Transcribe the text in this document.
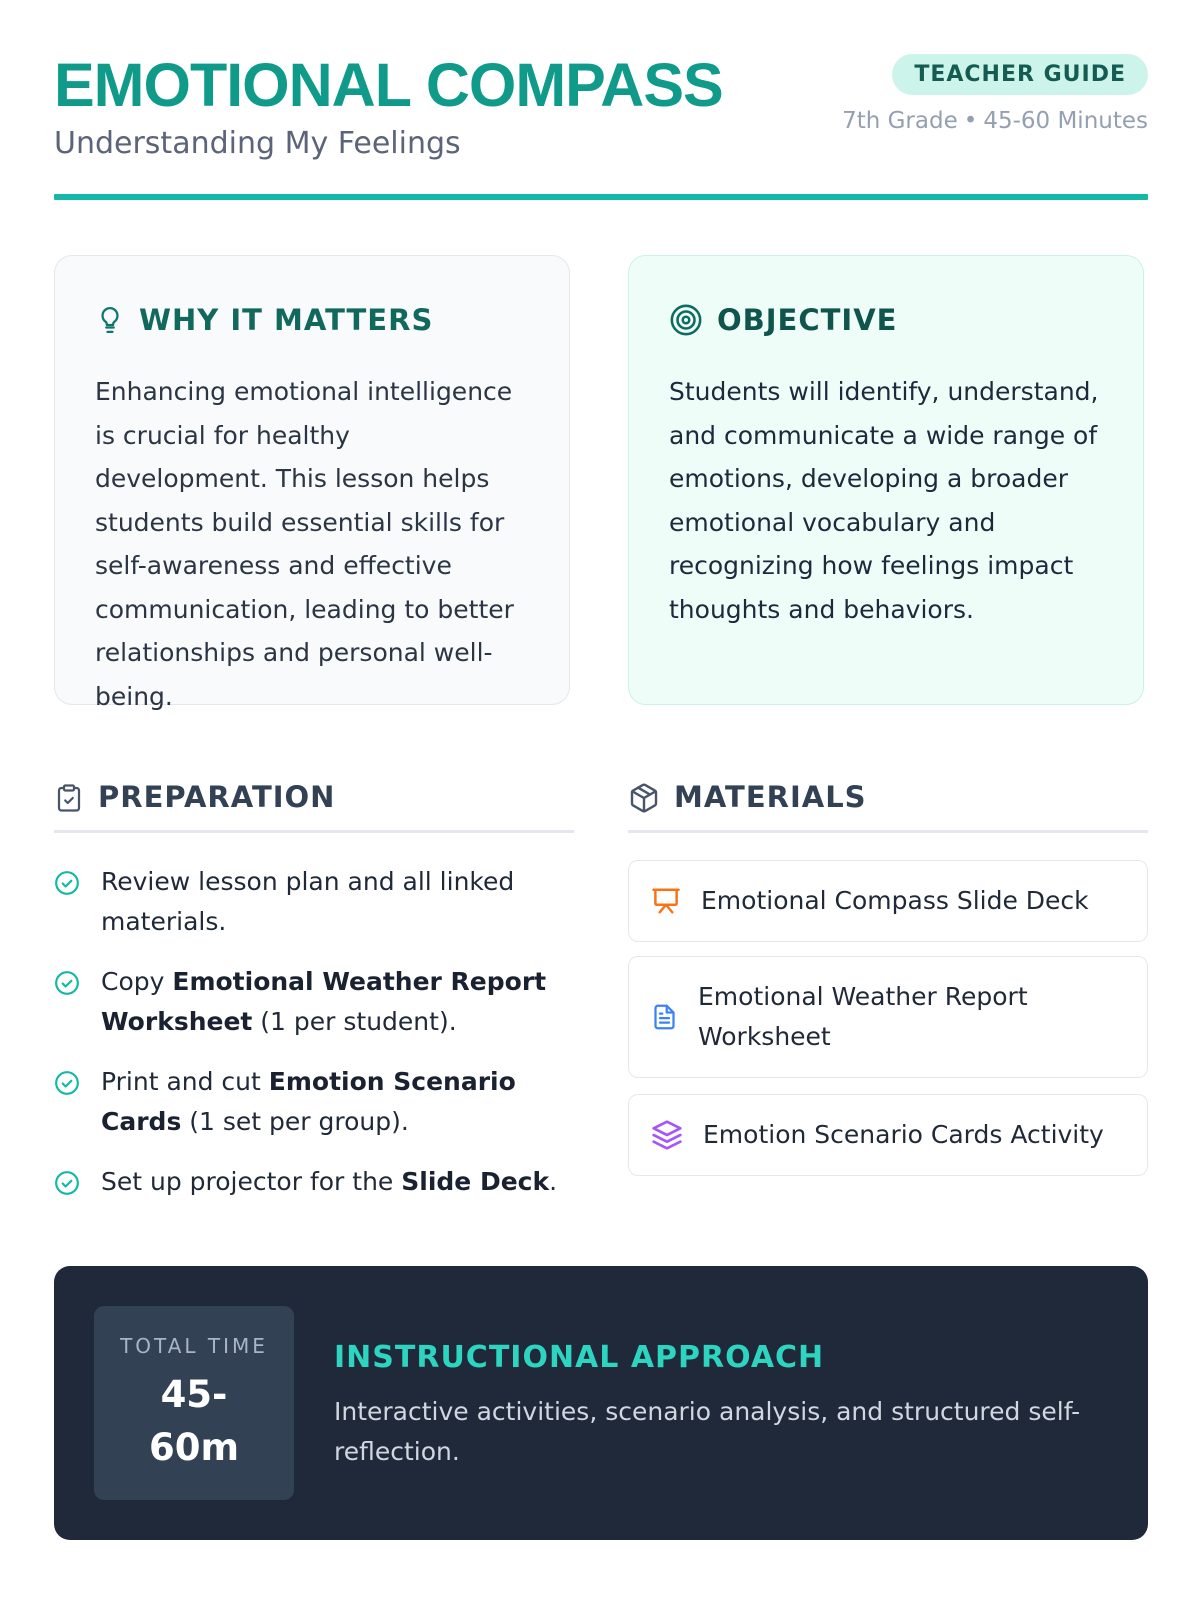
EMOTIONAL COMPASS
Understanding My Feelings
TEACHER GUIDE
7th Grade • 45-60 Minutes
WHY IT MATTERS
Enhancing emotional intelligence is crucial for healthy development. This lesson helps students build essential skills for self-awareness and effective communication, leading to better relationships and personal well-being.
OBJECTIVE
Students will identify, understand, and communicate a wide range of emotions, developing a broader emotional vocabulary and recognizing how feelings impact thoughts and behaviors.
PREPARATION
Review lesson plan and all linked materials.
Copy Emotional Weather Report Worksheet (1 per student).
Print and cut Emotion Scenario Cards (1 set per group).
Set up projector for the Slide Deck.
MATERIALS
Emotional Compass Slide Deck
Emotional Weather Report Worksheet
Emotion Scenario Cards Activity
TOTAL TIME
45-60m
INSTRUCTIONAL APPROACH
Interactive activities, scenario analysis, and structured self-reflection.
